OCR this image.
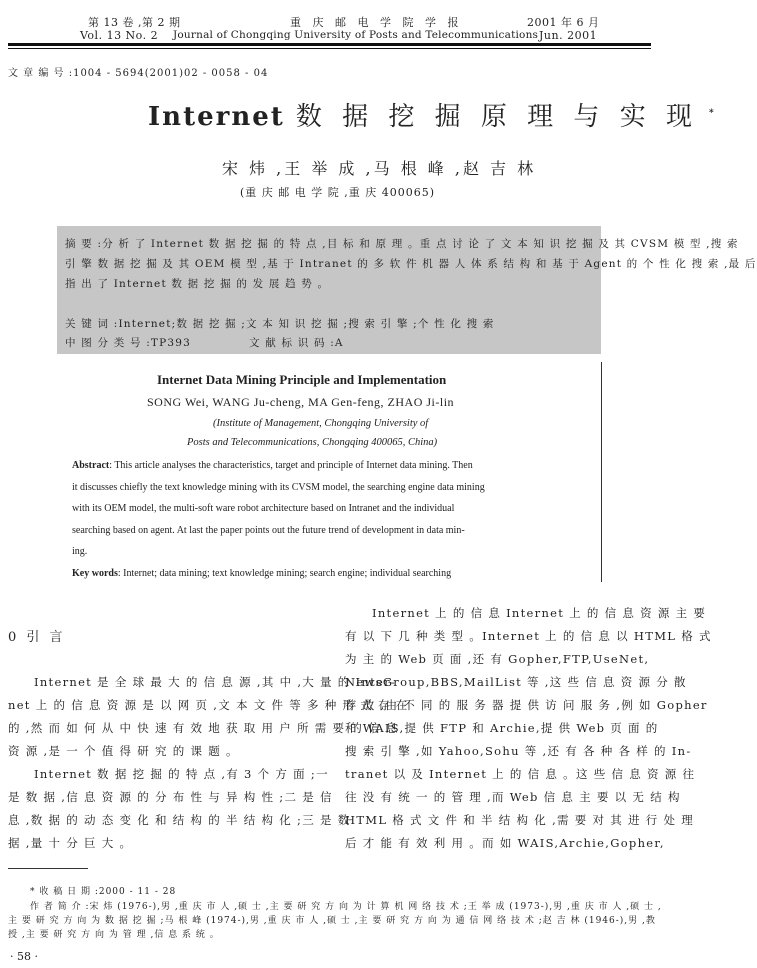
第 13 卷 ,第 2 期	重 庆 邮 电 学 院 学 报	2001 年 6 月
Vol. 13 No. 2 Journal of Chongqing University of Posts and Telecommunications Jun. 2001
文 章 编 号 :1004 - 5694(2001)02 - 0058 - 04
Internet 数 据 挖 掘 原 理 与 实 现 *
宋 炜 ,王 举 成 ,马 根 峰 ,赵 吉 林
(重 庆 邮 电 学 院 ,重 庆 400065)
摘 要 :分 析 了 Internet 数 据 挖 掘 的 特 点 ,目 标 和 原 理 。重 点 讨 论 了 文 本 知 识 挖 掘 及 其 CVSM 模 型 ,搜 索
引 擎 数 据 挖 掘 及 其 OEM 模 型 ,基 于 Intranet 的 多 软 件 机 器 人 体 系 结 构 和 基 于 Agent 的 个 性 化 搜 索 ,最 后
指 出 了 Internet 数 据 挖 掘 的 发 展 趋 势 。
关 键 词 :Internet;数 据 挖 掘 ;文 本 知 识 挖 掘 ;搜 索 引 擎 ;个 性 化 搜 索
中 图 分 类 号 :TP393	文 献 标 识 码 :A
Internet Data Mining Principle and Implementation
SONG Wei, WANG Ju-cheng, MA Gen-feng, ZHAO Ji-lin
(Institute of Management, Chongqing University of
Posts and Telecommunications, Chongqing 400065, China)
Abstract: This article analyses the characteristics, target and principle of Internet data mining. Then
it discusses chiefly the text knowledge mining with its CVSM model, the searching engine data mining
with its OEM model, the multi-soft ware robot architecture based on Intranet and the individual
searching based on agent. At last the paper points out the future trend of development in data min-
ing.
Key words: Internet; data mining; text knowledge mining; search engine; individual searching
0 引 言
Internet 是 全 球 最 大 的 信 息 源 ,其 中 ,大 量 的 Inter-
net 上 的 信 息 资 源 是 以 网 页 ,文 本 文 件 等 多 种 形 式 存 在
的 ,然 而 如 何 从 中 快 速 有 效 地 获 取 用 户 所 需 要 的 信 息
资 源 ,是 一 个 值 得 研 究 的 课 题 。
Internet 数 据 挖 掘 的 特 点 ,有 3 个 方 面 ;一
是 数 据 ,信 息 资 源 的 分 布 性 与 异 构 性 ;二 是 信
息 ,数 据 的 动 态 变 化 和 结 构 的 半 结 构 化 ;三 是 数
据 ,量 十 分 巨 大 。
Internet 上 的 信 息 Internet 上 的 信 息 资 源 主 要
有 以 下 几 种 类 型 。Internet 上 的 信 息 以 HTML 格 式
为 主 的 Web 页 面 ,还 有 Gopher,FTP,UseNet,
NewsGroup,BBS,MailList 等 ,这 些 信 息 资 源 分 散
存 放 ,由 不 同 的 服 务 器 提 供 访 问 服 务 ,例 如 Gopher
和 WAIS,提 供 FTP 和 Archie,提 供 Web 页 面 的
搜 索 引 擎 ,如 Yahoo,Sohu 等 ,还 有 各 种 各 样 的 In-
tranet 以 及 Internet 上 的 信 息 。这 些 信 息 资 源 往
往 没 有 统 一 的 管 理 ,而 Web 信 息 主 要 以 无 结 构
HTML 格 式 文 件 和 半 结 构 化 ,需 要 对 其 进 行 处 理
后 才 能 有 效 利 用 。而 如 WAIS,Archie,Gopher,
* 收 稿 日 期 :2000 - 11 - 28
作 者 简 介 :宋 炜 (1976-),男 ,重 庆 市 人 ,硕 士 ,主 要 研 究 方 向 为 计 算 机 网 络 技 术 ;王 举 成 (1973-),男 ,重 庆 市 人 ,硕 士 ,
主 要 研 究 方 向 为 数 据 挖 掘 ;马 根 峰 (1974-),男 ,重 庆 市 人 ,硕 士 ,主 要 研 究 方 向 为 通 信 网 络 技 术 ;赵 吉 林 (1946-),男 ,教
授 ,主 要 研 究 方 向 为 管 理 ,信 息 系 统 。
· 58 ·
